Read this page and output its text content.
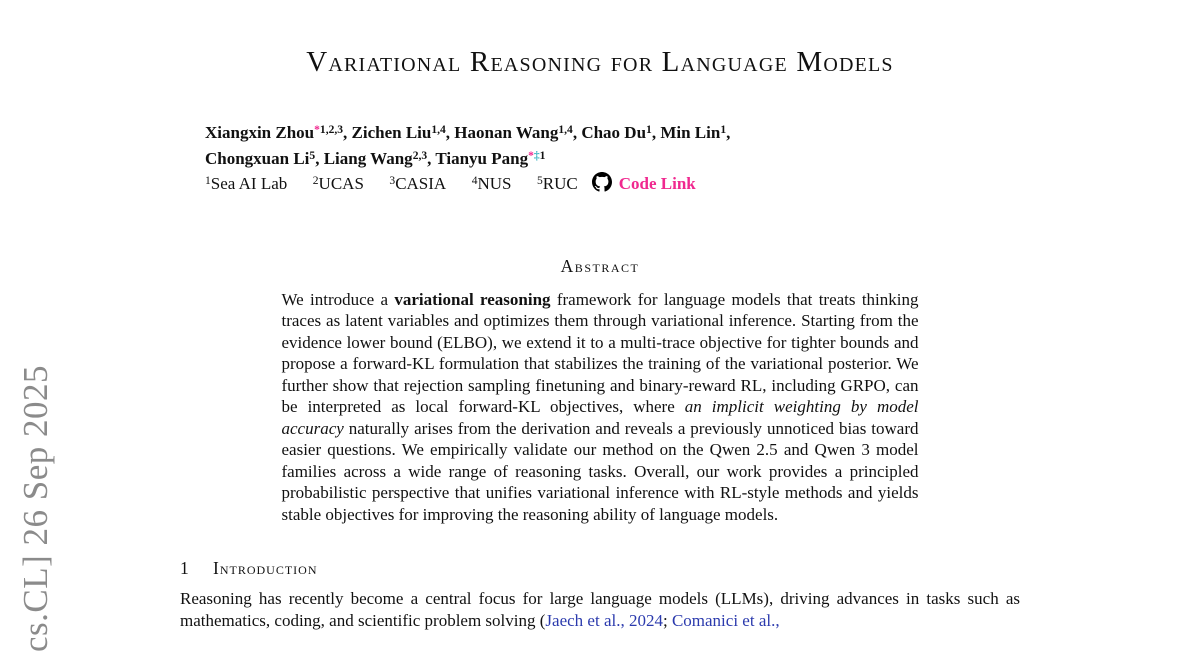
cs.CL] 26 Sep 2025
Variational Reasoning for Language Models
Xiangxin Zhou$^{*1,2,3}$, Zichen Liu$^{1,4}$, Haonan Wang$^{1,4}$, Chao Du$^1$, Min Lin$^1$,
Chongxuan Li$^5$, Liang Wang$^{2,3}$, Tianyu Pang$^{*\ddagger 1}$
$^1$Sea AI Lab  $^2$UCAS  $^3$CASIA  $^4$NUS  $^5$RUC Code Link
Abstract

We introduce a variational reasoning framework for language models that treats thinking traces as latent variables and optimizes them through variational inference. Starting from the evidence lower bound (ELBO), we extend it to a multi-trace objective for tighter bounds and propose a forward-KL formulation that stabilizes the training of the variational posterior. We further show that rejection sampling finetuning and binary-reward RL, including GRPO, can be interpreted as local forward-KL objectives, where an implicit weighting by model accuracy naturally arises from the derivation and reveals a previously unnoticed bias toward easier questions. We empirically validate our method on the Qwen 2.5 and Qwen 3 model families across a wide range of reasoning tasks. Overall, our work provides a principled probabilistic perspective that unifies variational inference with RL-style methods and yields stable objectives for improving the reasoning ability of language models.

1 Introduction

Reasoning has recently become a central focus for large language models (LLMs), driving advances in tasks such as mathematics, coding, and scientific problem solving (Jaech et al., 2024; Comanici et al.,
